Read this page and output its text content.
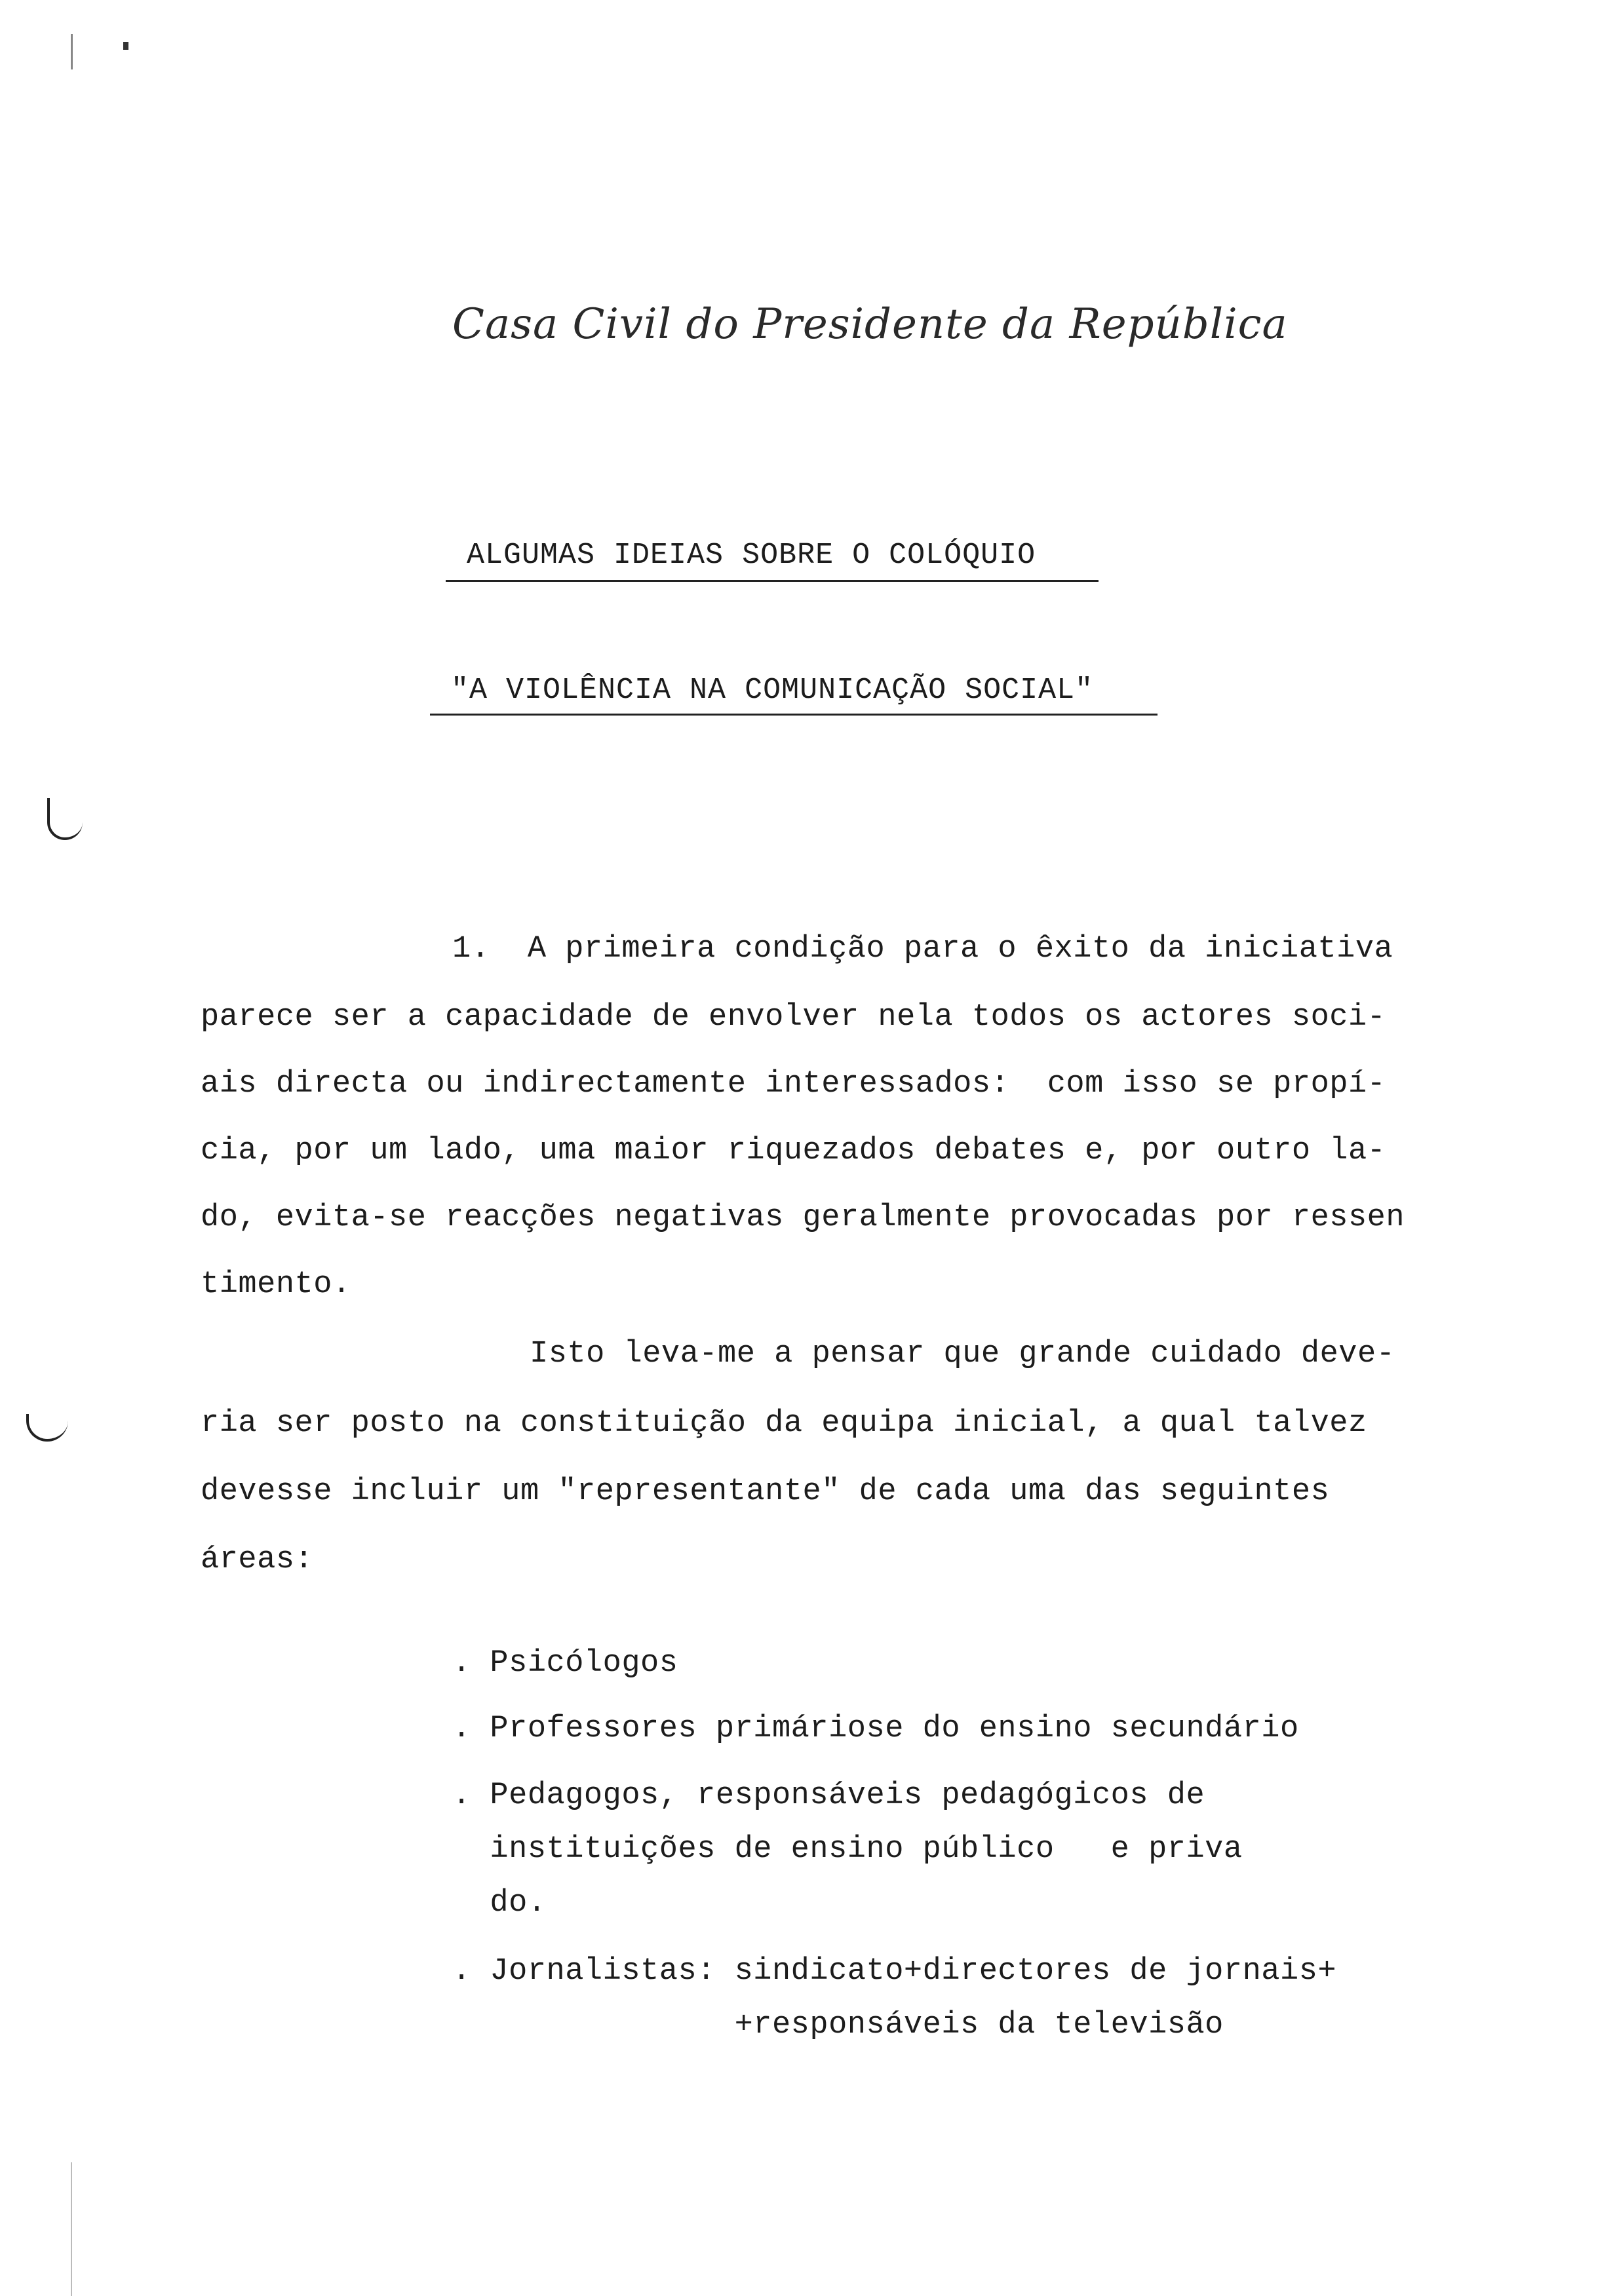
Casa Civil do Presidente da República
ALGUMAS IDEIAS SOBRE O COLÓQUIO
"A VIOLÊNCIA NA COMUNICAÇÃO SOCIAL"
1.  A primeira condição para o êxito da iniciativa
parece ser a capacidade de envolver nela todos os actores soci-
ais directa ou indirectamente interessados:  com isso se propí-
cia, por um lado, uma maior riquezados debates e, por outro la-
do, evita-se reacções negativas geralmente provocadas por ressen
timento.
Isto leva-me a pensar que grande cuidado deve-
ria ser posto na constituição da equipa inicial, a qual talvez
devesse incluir um "representante" de cada uma das seguintes
áreas:
. Psicólogos
. Professores primáriose do ensino secundário
. Pedagogos, responsáveis pedagógicos de
instituições de ensino público   e priva
do.
. Jornalistas: sindicato+directores de jornais+
+responsáveis da televisão
